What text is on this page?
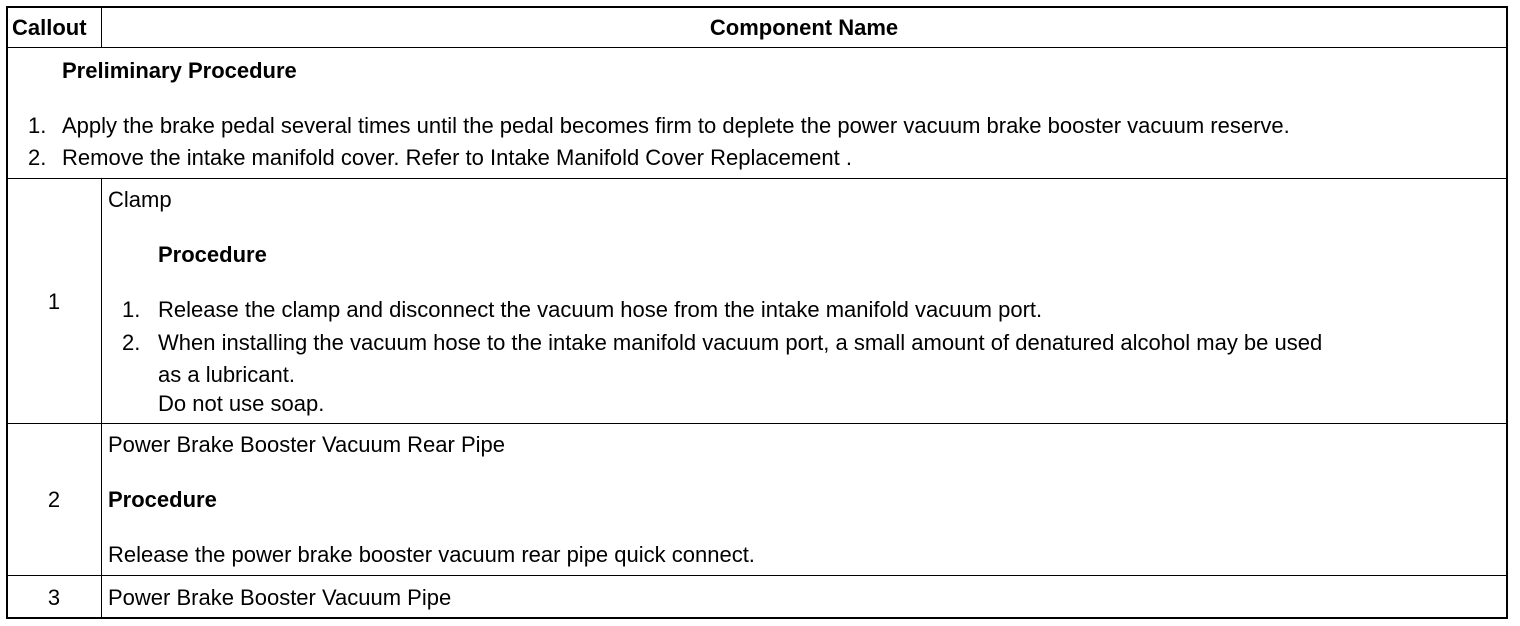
Callout	Component Name
Preliminary Procedure
1. Apply the brake pedal several times until the pedal becomes firm to deplete the power vacuum brake booster vacuum reserve.
2. Remove the intake manifold cover. Refer to Intake Manifold Cover Replacement .
1
Clamp
Procedure
1. Release the clamp and disconnect the vacuum hose from the intake manifold vacuum port.
2. When installing the vacuum hose to the intake manifold vacuum port, a small amount of denatured alcohol may be used
as a lubricant.
Do not use soap.
2
Power Brake Booster Vacuum Rear Pipe
Procedure
Release the power brake booster vacuum rear pipe quick connect.
3	Power Brake Booster Vacuum Pipe
